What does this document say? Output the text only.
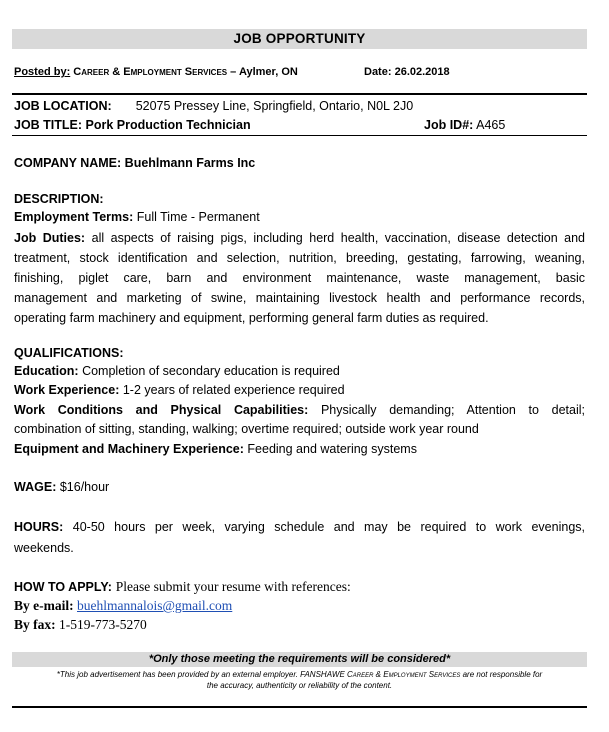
JOB OPPORTUNITY
Posted by: Career & Employment Services – Aylmer, ON	Date: 26.02.2018
JOB LOCATION: 52075 Pressey Line, Springfield, Ontario, N0L 2J0
JOB TITLE: Pork Production Technician	Job ID#: A465
COMPANY NAME: Buehlmann Farms Inc
DESCRIPTION:
Employment Terms: Full Time - Permanent
Job Duties: all aspects of raising pigs, including herd health, vaccination, disease detection and
treatment, stock identification and selection, nutrition, breeding, gestating, farrowing, weaning,
finishing, piglet care, barn and environment maintenance, waste management, basic
management and marketing of swine, maintaining livestock health and performance records,
operating farm machinery and equipment, performing general farm duties as required.
QUALIFICATIONS:
Education: Completion of secondary education is required
Work Experience: 1-2 years of related experience required
Work Conditions and Physical Capabilities: Physically demanding; Attention to detail;
combination of sitting, standing, walking; overtime required; outside work year round
Equipment and Machinery Experience: Feeding and watering systems
WAGE: $16/hour
HOURS: 40-50 hours per week, varying schedule and may be required to work evenings,
weekends.
HOW TO APPLY: Please submit your resume with references:
By e-mail: buehlmannalois@gmail.com
By fax: 1-519-773-5270
*Only those meeting the requirements will be considered*
*This job advertisement has been provided by an external employer. FANSHAWE Career & Employment Services are not responsible for
the accuracy, authenticity or reliability of the content.
